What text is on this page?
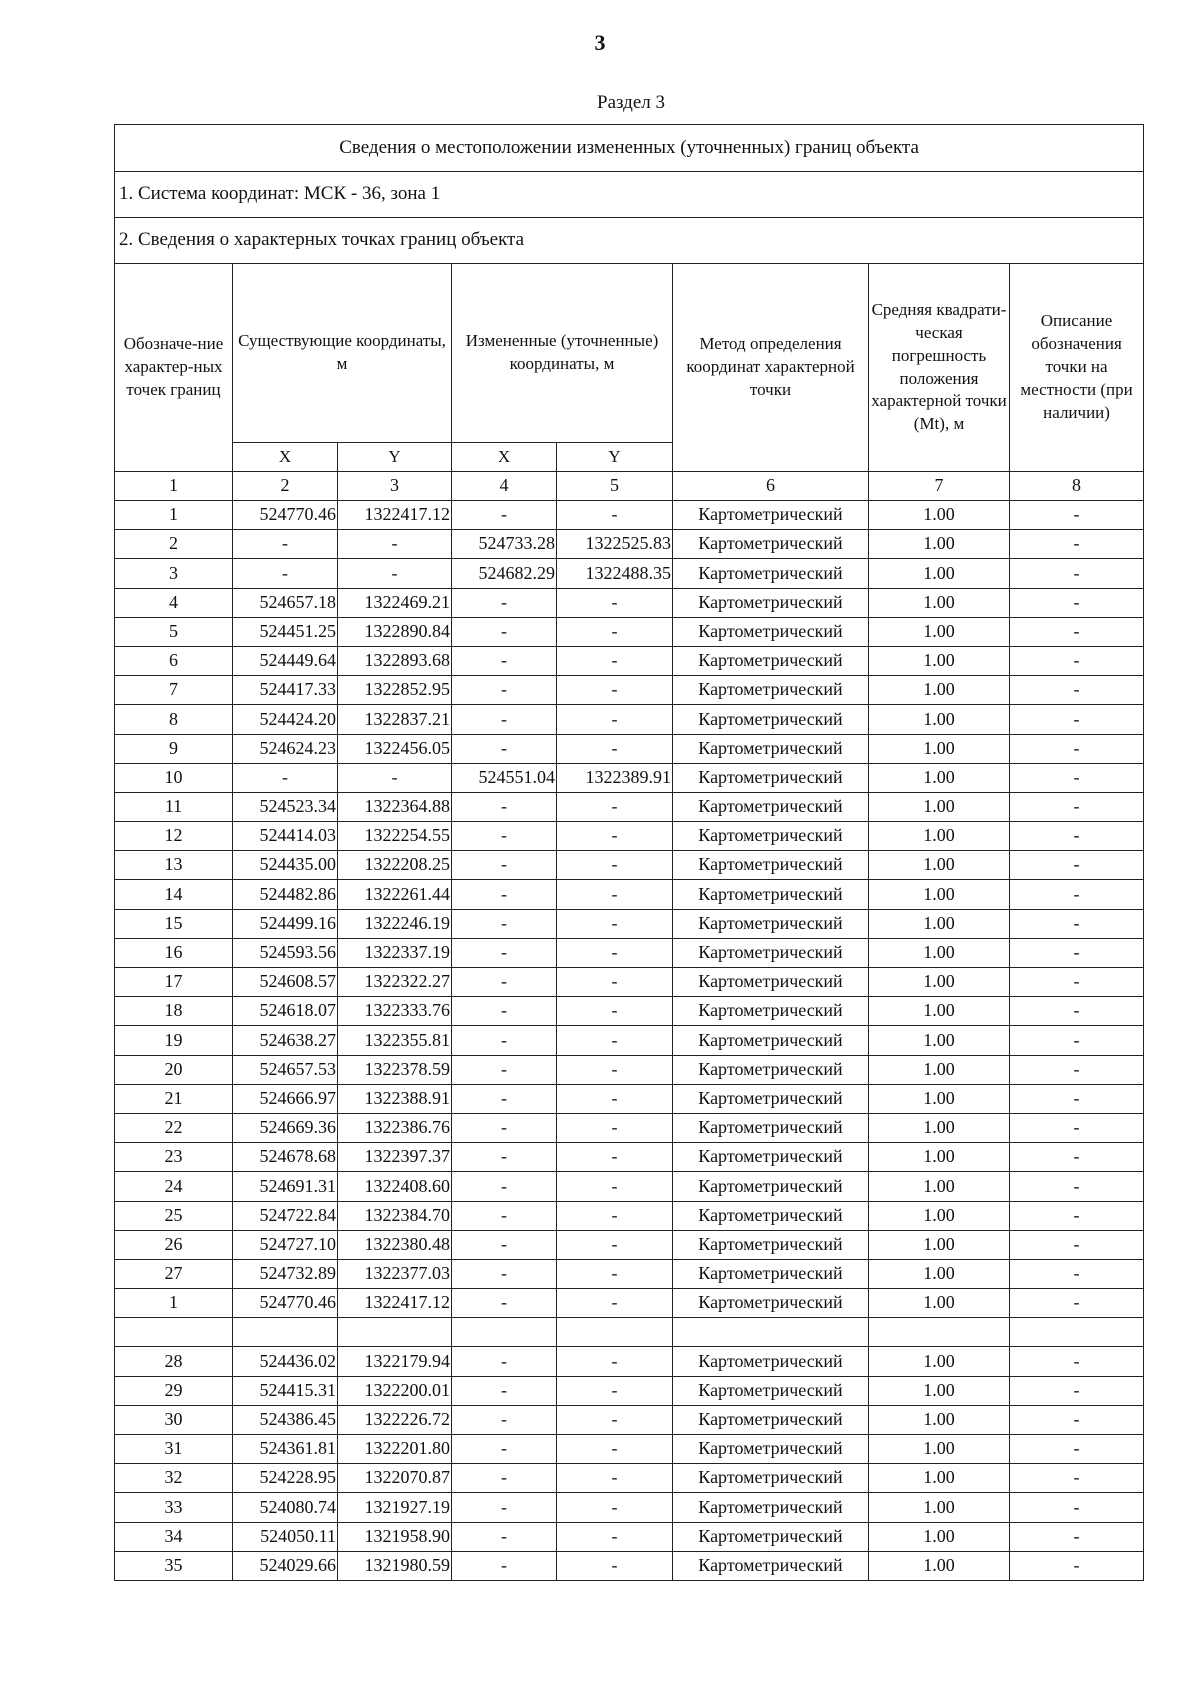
3
Раздел 3
Сведения о местоположении измененных (уточненных) границ объекта							
1. Система координат: МСК - 36, зона 1							
2. Сведения о характерных точках границ объекта							
Обозначе-ние характер-ных точек границ	Существующие координаты, м		Измененные (уточненные) координаты, м		Метод определения координат характерной точки	Средняя квадрати-ческая погрешность положения характерной точки (Mt), м	Описание обозначения точки на местности (при наличии)
	X	Y	X	Y			
1	2	3	4	5	6	7	8
1	524770.46	1322417.12	-	-	Картометрический	1.00	-
2	-	-	524733.28	1322525.83	Картометрический	1.00	-
3	-	-	524682.29	1322488.35	Картометрический	1.00	-
4	524657.18	1322469.21	-	-	Картометрический	1.00	-
5	524451.25	1322890.84	-	-	Картометрический	1.00	-
6	524449.64	1322893.68	-	-	Картометрический	1.00	-
7	524417.33	1322852.95	-	-	Картометрический	1.00	-
8	524424.20	1322837.21	-	-	Картометрический	1.00	-
9	524624.23	1322456.05	-	-	Картометрический	1.00	-
10	-	-	524551.04	1322389.91	Картометрический	1.00	-
11	524523.34	1322364.88	-	-	Картометрический	1.00	-
12	524414.03	1322254.55	-	-	Картометрический	1.00	-
13	524435.00	1322208.25	-	-	Картометрический	1.00	-
14	524482.86	1322261.44	-	-	Картометрический	1.00	-
15	524499.16	1322246.19	-	-	Картометрический	1.00	-
16	524593.56	1322337.19	-	-	Картометрический	1.00	-
17	524608.57	1322322.27	-	-	Картометрический	1.00	-
18	524618.07	1322333.76	-	-	Картометрический	1.00	-
19	524638.27	1322355.81	-	-	Картометрический	1.00	-
20	524657.53	1322378.59	-	-	Картометрический	1.00	-
21	524666.97	1322388.91	-	-	Картометрический	1.00	-
22	524669.36	1322386.76	-	-	Картометрический	1.00	-
23	524678.68	1322397.37	-	-	Картометрический	1.00	-
24	524691.31	1322408.60	-	-	Картометрический	1.00	-
25	524722.84	1322384.70	-	-	Картометрический	1.00	-
26	524727.10	1322380.48	-	-	Картометрический	1.00	-
27	524732.89	1322377.03	-	-	Картометрический	1.00	-
1	524770.46	1322417.12	-	-	Картометрический	1.00	-

28	524436.02	1322179.94	-	-	Картометрический	1.00	-
29	524415.31	1322200.01	-	-	Картометрический	1.00	-
30	524386.45	1322226.72	-	-	Картометрический	1.00	-
31	524361.81	1322201.80	-	-	Картометрический	1.00	-
32	524228.95	1322070.87	-	-	Картометрический	1.00	-
33	524080.74	1321927.19	-	-	Картометрический	1.00	-
34	524050.11	1321958.90	-	-	Картометрический	1.00	-
35	524029.66	1321980.59	-	-	Картометрический	1.00	-
